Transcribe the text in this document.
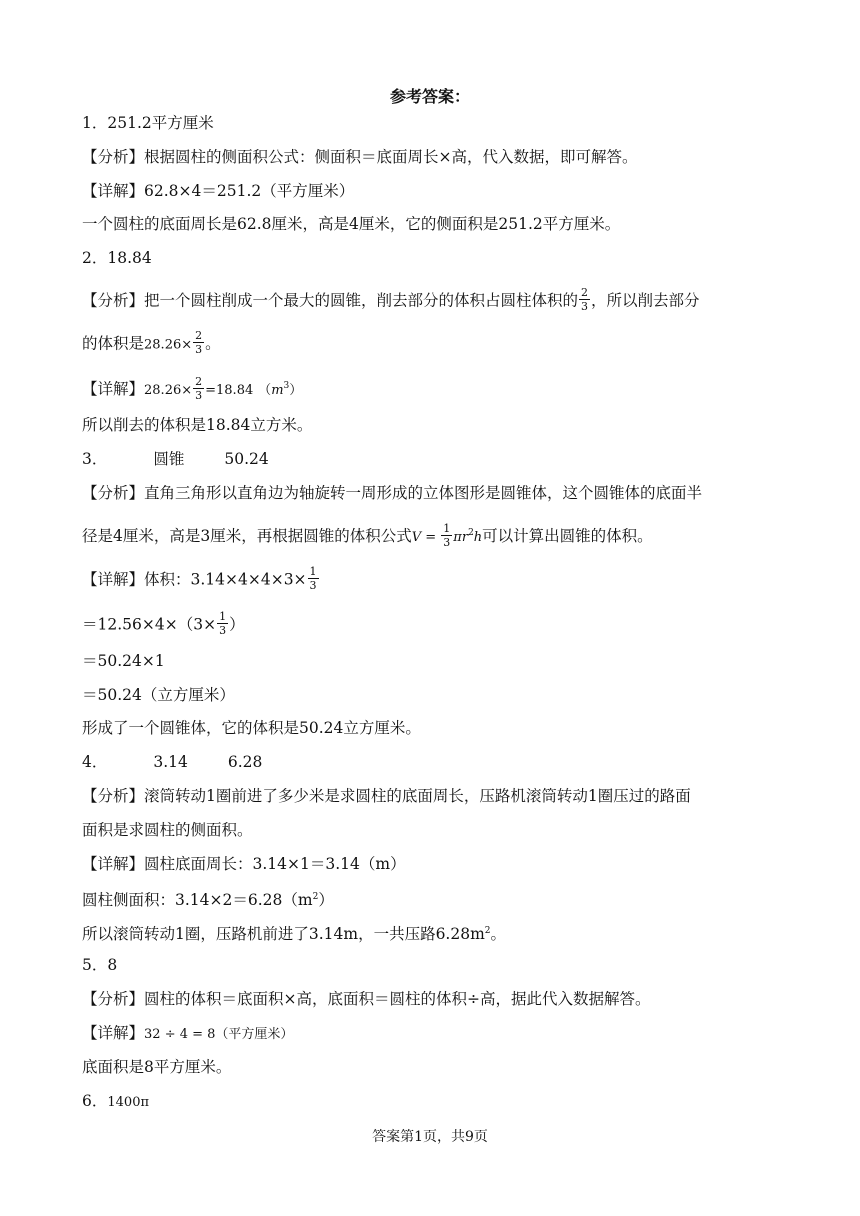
参考答案：
1．251.2平方厘米
【分析】根据圆柱的侧面积公式：侧面积＝底面周长×高，代入数据，即可解答。
【详解】62.8×4＝251.2（平方厘米）
一个圆柱的底面周长是62.8厘米，高是4厘米，它的侧面积是251.2平方厘米。
2．18.84
【分析】把一个圆柱削成一个最大的圆锥，削去部分的体积占圆柱体积的 $\frac{2}{3}$ ，所以削去部分
的体积是$28.26\times \frac{2}{3}$ 。
【详解】$28.26\times \frac{2}{3} =18.84$ $(m^3)$
所以削去的体积是18.84立方米。
3．	圆锥	50.24
【分析】直角三角形以直角边为轴旋转一周形成的立体图形是圆锥体，这个圆锥体的底面半
径是4厘米，高是3厘米，再根据圆锥的体积公式$V = \frac{1}{3} \pi r^2h$可以计算出圆锥的体积。
【详解】体积：$3.14\times 4\times 4\times 3\times \frac{1}{3}$
$=12.56\times 4\times(3\times \frac{1}{3}$ ）
＝50.24×1
＝50.24（立方厘米）
形成了一个圆锥体，它的体积是50.24立方厘米。
4．	3.14	6.28
【分析】滚筒转动1圈前进了多少米是求圆柱的底面周长，压路机滚筒转动1圈压过的路面
面积是求圆柱的侧面积。
【详解】圆柱底面周长：3.14×1＝3.14（m）
圆柱侧面积：$3.14\times 2=6.28(m^2)$
所以滚筒转动1圈，压路机前进了3.14m，一共压路$6.28m^2$。
5．8
【分析】圆柱的体积＝底面积×高，底面积＝圆柱的体积÷高，据此代入数据解答。
【详解】32 ÷ 4 = 8（平方厘米）
底面积是8平方厘米。
6．1400π
答案第1页，共9页
